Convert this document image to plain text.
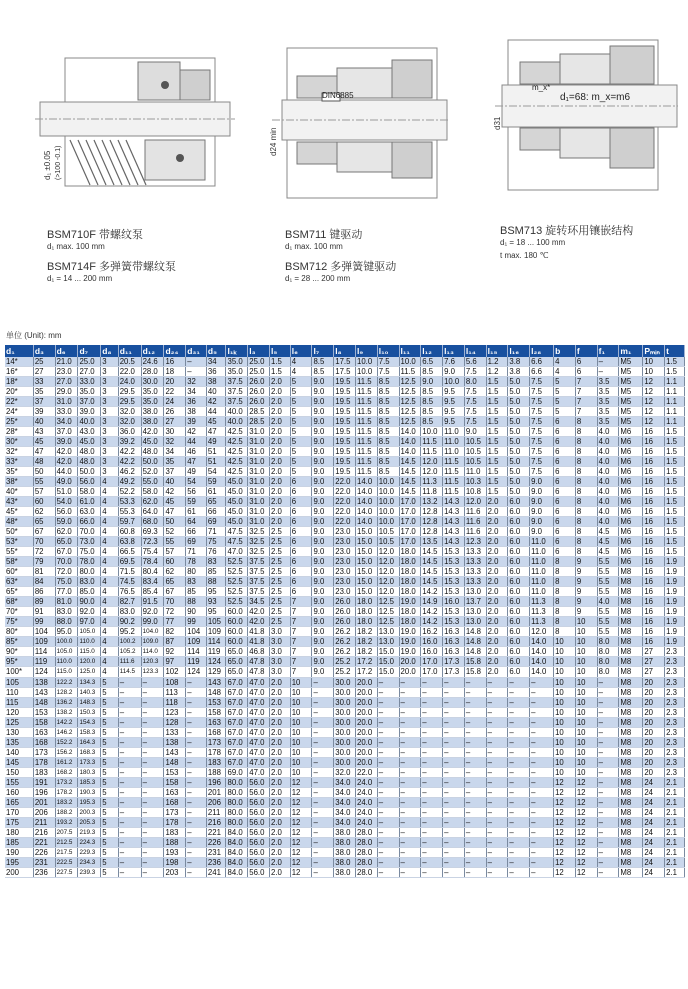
d₁ ±0.05 (>100 -0.1)
d24 min
DIN6885
d31
m_x*
d₁=68: m_x=m6
BSM710F 带螺纹泵
d₁ max. 100 mm
BSM714F 多弹簧带螺纹泵
d₁ = 14 ... 200 mm
BSM711 键驱动
d₁ max. 100 mm
BSM712 多弹簧键驱动
d₁ = 28 ... 200 mm
BSM713 旋转环用镶嵌结构
d₁ = 18 ... 100 mm
t max. 180 ℃
单位 (Unit): mm
d₁	d₃	d₆	d₇	d₈	d₁₁	d₁₂	d₂₄	d₃₁	d₅	l₁ₖ	l₃	l₅	l₆	l₇	l₈	l₉	l₁₀	l₁₁	l₁₂	l₁₃	l₁₄	l₁₅	l₁₆	l₂₈	b	f	f₁	m₁	Pₘᵢₙ	t
14*	25	21.0	25.0	3	20.5	24.6	16	–	34	35.0	25.0	1.5	4	8.5	17.5	10.0	7.5	10.0	6.5	7.6	5.6	1.2	3.8	6.6	4	6	–	M5	10	1.5
16*	27	23.0	27.0	3	22.0	28.0	18	–	36	35.0	25.0	1.5	4	8.5	17.5	10.0	7.5	11.5	8.5	9.0	7.5	1.2	3.8	6.6	4	6	–	M5	10	1.5
18*	33	27.0	33.0	3	24.0	30.0	20	32	38	37.5	26.0	2.0	5	9.0	19.5	11.5	8.5	12.5	9.0	10.0	8.0	1.5	5.0	7.5	5	7	3.5	M5	12	1.1
20*	35	29.0	35.0	3	29.5	35.0	22	34	40	37.5	26.0	2.0	5	9.0	19.5	11.5	8.5	12.5	8.5	9.5	7.5	1.5	5.0	7.5	5	7	3.5	M5	12	1.1
22*	37	31.0	37.0	3	29.5	35.0	24	36	42	37.5	26.0	2.0	5	9.0	19.5	11.5	8.5	12.5	8.5	9.5	7.5	1.5	5.0	7.5	5	7	3.5	M5	12	1.1
24*	39	33.0	39.0	3	32.0	38.0	26	38	44	40.0	28.5	2.0	5	9.0	19.5	11.5	8.5	12.5	8.5	9.5	7.5	1.5	5.0	7.5	5	7	3.5	M5	12	1.1
25*	40	34.0	40.0	3	32.0	38.0	27	39	45	40.0	28.5	2.0	5	9.0	19.5	11.5	8.5	12.5	8.5	9.5	7.5	1.5	5.0	7.5	6	8	3.5	M5	12	1.1
28*	43	37.0	43.0	3	36.0	42.0	30	42	47	42.5	31.0	2.0	5	9.0	19.5	11.5	8.5	14.0	10.0	11.0	9.0	1.5	5.0	7.5	6	8	4.0	M6	16	1.5
30*	45	39.0	45.0	3	39.2	45.0	32	44	49	42.5	31.0	2.0	5	9.0	19.5	11.5	8.5	14.0	11.5	11.0	10.5	1.5	5.0	7.5	6	8	4.0	M6	16	1.5
32*	47	42.0	48.0	3	42.2	48.0	34	46	51	42.5	31.0	2.0	5	9.0	19.5	11.5	8.5	14.0	11.5	11.0	10.5	1.5	5.0	7.5	6	8	4.0	M6	16	1.5
33*	48	42.0	48.0	3	42.2	50.0	35	47	51	42.5	31.0	2.0	5	9.0	19.5	11.5	8.5	14.5	12.0	11.5	10.5	1.5	5.0	7.5	6	8	4.0	M6	16	1.5
35*	50	44.0	50.0	3	46.2	52.0	37	49	54	42.5	31.0	2.0	5	9.0	19.5	11.5	8.5	14.5	12.0	11.5	11.0	1.5	5.0	7.5	6	8	4.0	M6	16	1.5
38*	55	49.0	56.0	4	49.2	55.0	40	54	59	45.0	31.0	2.0	6	9.0	22.0	14.0	10.0	14.5	11.3	11.5	10.3	1.5	5.0	9.0	6	8	4.0	M6	16	1.5
40*	57	51.0	58.0	4	52.2	58.0	42	56	61	45.0	31.0	2.0	6	9.0	22.0	14.0	10.0	14.5	11.8	11.5	10.8	1.5	5.0	9.0	6	8	4.0	M6	16	1.5
43*	60	54.0	61.0	4	53.3	62.0	45	59	65	45.0	31.0	2.0	6	9.0	22.0	14.0	10.0	17.0	13.2	14.3	12.0	2.0	6.0	9.0	6	8	4.0	M6	16	1.5
45*	62	56.0	63.0	4	55.3	64.0	47	61	66	45.0	31.0	2.0	6	9.0	22.0	14.0	10.0	17.0	12.8	14.3	11.6	2.0	6.0	9.0	6	8	4.0	M6	16	1.5
48*	65	59.0	66.0	4	59.7	68.0	50	64	69	45.0	31.0	2.0	6	9.0	22.0	14.0	10.0	17.0	12.8	14.3	11.6	2.0	6.0	9.0	6	8	4.0	M6	16	1.5
50*	67	62.0	70.0	4	60.8	69.3	52	66	71	47.5	32.5	2.5	6	9.0	23.0	15.0	10.5	17.0	12.8	14.3	11.6	2.0	6.0	9.0	6	8	4.5	M6	16	1.5
53*	70	65.0	73.0	4	63.8	72.3	55	69	75	47.5	32.5	2.5	6	9.0	23.0	15.0	10.5	17.0	13.5	14.3	12.3	2.0	6.0	11.0	6	8	4.5	M6	16	1.5
55*	72	67.0	75.0	4	66.5	75.4	57	71	76	47.0	32.5	2.5	6	9.0	23.0	15.0	12.0	18.0	14.5	15.3	13.3	2.0	6.0	11.0	6	8	4.5	M6	16	1.5
58*	79	70.0	78.0	4	69.5	78.4	60	78	83	52.5	37.5	2.5	6	9.0	23.0	15.0	12.0	18.0	14.5	15.3	13.3	2.0	6.0	11.0	8	9	5.5	M6	16	1.9
60*	81	72.0	80.0	4	71.5	80.4	62	80	85	52.5	37.5	2.5	6	9.0	23.0	15.0	12.0	18.0	14.5	15.3	13.3	2.0	6.0	11.0	8	9	5.5	M8	16	1.9
63*	84	75.0	83.0	4	74.5	83.4	65	83	88	52.5	37.5	2.5	6	9.0	23.0	15.0	12.0	18.0	14.5	15.3	13.3	2.0	6.0	11.0	8	9	5.5	M8	16	1.9
65*	86	77.0	85.0	4	76.5	85.4	67	85	95	52.5	37.5	2.5	6	9.0	23.0	15.0	12.0	18.0	14.2	15.3	13.0	2.0	6.0	11.0	8	9	5.5	M8	16	1.9
68*	89	81.0	90.0	4	82.7	91.5	70	88	93	52.5	34.5	2.5	7	9.0	26.0	18.0	12.5	19.0	14.9	16.0	13.7	2.0	6.0	11.3	8	9	4.0	M8	16	1.9
70*	91	83.0	92.0	4	83.0	92.0	72	90	95	60.0	42.0	2.5	7	9.0	26.0	18.0	12.5	18.0	14.2	15.3	13.0	2.0	6.0	11.3	8	9	5.5	M8	16	1.9
75*	99	88.0	97.0	4	90.2	99.0	77	99	105	60.0	42.0	2.5	7	9.0	26.0	18.0	12.5	18.0	14.2	15.3	13.0	2.0	6.0	11.3	8	10	5.5	M8	16	1.9
80*	104	95.0	105.0	4	95.2	104.0	82	104	109	60.0	41.8	3.0	7	9.0	26.2	18.2	13.0	19.0	16.2	16.3	14.8	2.0	6.0	12.0	8	10	5.5	M8	16	1.9
85*	109	100.0	110.0	4	100.2	109.0	87	109	114	60.0	41.8	3.0	7	9.0	26.2	18.2	13.0	19.0	16.0	16.3	14.8	2.0	6.0	14.0	10	10	8.0	M8	16	1.9
90*	114	105.0	115.0	4	105.2	114.0	92	114	119	65.0	46.8	3.0	7	9.0	26.2	18.2	15.0	19.0	16.0	16.3	14.8	2.0	6.0	14.0	10	10	8.0	M8	27	2.3
95*	119	110.0	120.0	4	111.6	120.3	97	119	124	65.0	47.8	3.0	7	9.0	25.2	17.2	15.0	20.0	17.0	17.3	15.8	2.0	6.0	14.0	10	10	8.0	M8	27	2.3
100*	124	115.0	125.0	4	114.5	123.3	102	124	129	65.0	47.8	3.0	7	9.0	25.2	17.2	15.0	20.0	17.0	17.3	15.8	2.0	6.0	14.0	10	10	8.0	M8	27	2.3
105	138	122.2	134.3	5	–	–	108	–	143	67.0	47.0	2.0	10	–	30.0	20.0	–	–	–	–	–	–	–	–	10	10	–	M8	20	2.3
110	143	128.2	140.3	5	–	–	113	–	148	67.0	47.0	2.0	10	–	30.0	20.0	–	–	–	–	–	–	–	–	10	10	–	M8	20	2.3
115	148	136.2	148.3	5	–	–	118	–	153	67.0	47.0	2.0	10	–	30.0	20.0	–	–	–	–	–	–	–	–	10	10	–	M8	20	2.3
120	153	138.2	150.3	5	–	–	123	–	158	67.0	47.0	2.0	10	–	30.0	20.0	–	–	–	–	–	–	–	–	10	10	–	M8	20	2.3
125	158	142.2	154.3	5	–	–	128	–	163	67.0	47.0	2.0	10	–	30.0	20.0	–	–	–	–	–	–	–	–	10	10	–	M8	20	2.3
130	163	146.2	158.3	5	–	–	133	–	168	67.0	47.0	2.0	10	–	30.0	20.0	–	–	–	–	–	–	–	–	10	10	–	M8	20	2.3
135	168	152.2	164.3	5	–	–	138	–	173	67.0	47.0	2.0	10	–	30.0	20.0	–	–	–	–	–	–	–	–	10	10	–	M8	20	2.3
140	173	156.2	168.3	5	–	–	143	–	178	67.0	47.0	2.0	10	–	30.0	20.0	–	–	–	–	–	–	–	–	10	10	–	M8	20	2.3
145	178	161.2	173.3	5	–	–	148	–	183	67.0	47.0	2.0	10	–	30.0	20.0	–	–	–	–	–	–	–	–	10	10	–	M8	20	2.3
150	183	168.2	180.3	5	–	–	153	–	188	69.0	47.0	2.0	10	–	32.0	22.0	–	–	–	–	–	–	–	–	10	10	–	M8	20	2.3
155	191	173.2	185.3	5	–	–	158	–	196	80.0	56.0	2.0	12	–	34.0	24.0	–	–	–	–	–	–	–	–	12	12	–	M8	24	2.1
160	196	178.2	190.3	5	–	–	163	–	201	80.0	56.0	2.0	12	–	34.0	24.0	–	–	–	–	–	–	–	–	12	12	–	M8	24	2.1
165	201	183.2	195.3	5	–	–	168	–	206	80.0	56.0	2.0	12	–	34.0	24.0	–	–	–	–	–	–	–	–	12	12	–	M8	24	2.1
170	206	188.2	200.3	5	–	–	173	–	211	80.0	56.0	2.0	12	–	34.0	24.0	–	–	–	–	–	–	–	–	12	12	–	M8	24	2.1
175	211	193.2	205.3	5	–	–	178	–	216	80.0	56.0	2.0	12	–	34.0	24.0	–	–	–	–	–	–	–	–	12	12	–	M8	24	2.1
180	216	207.5	219.3	5	–	–	183	–	221	84.0	56.0	2.0	12	–	38.0	28.0	–	–	–	–	–	–	–	–	12	12	–	M8	24	2.1
185	221	212.5	224.3	5	–	–	188	–	226	84.0	56.0	2.0	12	–	38.0	28.0	–	–	–	–	–	–	–	–	12	12	–	M8	24	2.1
190	226	217.5	229.3	5	–	–	193	–	231	84.0	56.0	2.0	12	–	38.0	28.0	–	–	–	–	–	–	–	–	12	12	–	M8	24	2.1
195	231	222.5	234.3	5	–	–	198	–	236	84.0	56.0	2.0	12	–	38.0	28.0	–	–	–	–	–	–	–	–	12	12	–	M8	24	2.1
200	236	227.5	239.3	5	–	–	203	–	241	84.0	56.0	2.0	12	–	38.0	28.0	–	–	–	–	–	–	–	–	12	12	–	M8	24	2.1
